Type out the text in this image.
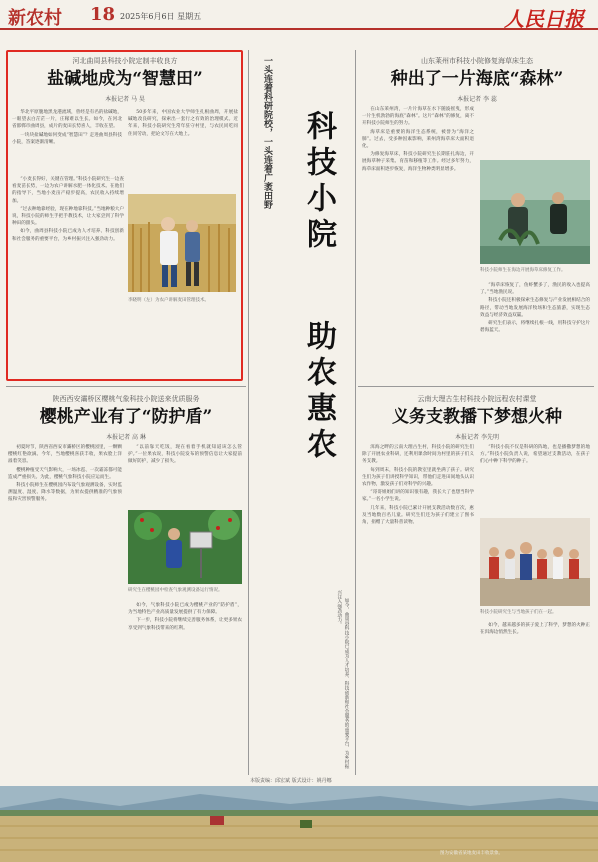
新农村 18 2025年6月6日 星期五	人民日报
河北曲周县科技小院定制丰收良方
盐碱地成为“智慧田”
本报记者 马 昊

华北平原腹地黑龙港流域，曾经是有名的盐碱地，一眼望去白茫茫一片，庄稼难以生长。如今，在河北省邯郸市曲周县，成片的麦田长势喜人，丰收在望。

一块块盐碱地如何变成“智慧田”？走进曲周县科技小院，答案逐渐清晰。

50多年来，中国农业大学师生扎根曲周，开展盐碱地改良研究，探索出一套行之有效的治理模式。近年来，科技小院研究生常年驻守村里，与农民同吃同住同劳动，把论文写在大地上。

“小麦长得好，关键在管理。”科技小院研究生一边查看麦苗长势，一边为农户讲解水肥一体化技术。在他们的指导下，当地小麦亩产稳步提高，农民收入持续增加。

“过去种地靠经验，现在种地靠科技。”当地种粮大户说，科技小院的师生手把手教技术，让大家尝到了科学种田的甜头。

如今，曲周县科技小院已成为人才培养、科技创新和社会服务的重要平台，为乡村振兴注入强劲动力。

李晓明（左）为农户讲解麦田管理技术。
一头连着科研院校，一头连着广袤田野 科技小院
助农惠农

如今，曲周县科技小院已成为人才培养、科技创新和社会服务的重要平台，为乡村振兴注入强劲动力。

山东莱州市科技小院修复海草床生态
种出了一片海底“森林”
本报记者 李 蕊

在山东莱州湾，一片片海草在水下随波摇曳，形成一片生机勃勃的海底“森林”。这片“森林”的修复，离不开科技小院师生的努力。

海草床是重要的海洋生态系统，被誉为“海洋之肺”。过去，受多种因素影响，莱州湾海草床大面积退化。

为修复海草床，科技小院研究生长期驻扎海边，开展海草种子采集、育苗和移植等工作。经过多年努力，海草床面积逐步恢复，海洋生物种类明显增多。

科技小院师生在海边开展海草床修复工作。

“海草床恢复了，鱼虾蟹多了，渔民的收入也提高了。”当地渔民说。

科技小院还积极探索生态修复与产业发展相结合的路径，带动当地发展海洋牧场和生态旅游，实现生态效益与经济效益双赢。

研究生们表示，将继续扎根一线，用科技守护这片碧海蓝天。

陕西西安灞桥区樱桃气象科技小院送来优质服务
樱桃产业有了“防护盾”
本报记者 高 琳

初夏时节，陕西省西安市灞桥区的樱桃园里，一颗颗樱桃红艳欲滴。今年，当地樱桃喜获丰收，果农脸上洋溢着笑容。

樱桃种植受天气影响大，一场冰雹、一次霜冻都可能造成严重损失。为此，樱桃气象科技小院应运而生。

科技小院师生在樱桃园内布设气象观测设备，实时监测温度、湿度、降水等数据，为果农提供精准的气象预报和灾害预警服务。

“以前靠天吃饭，现在看着手机就知道该怎么管护。”一位果农说，科技小院发布的预警信息让大家提前做好防护，减少了损失。

研究生在樱桃园中检查气象观测设备运行情况。

如今，气象科技小院已成为樱桃产业的“防护盾”，为当地特色产业高质量发展提供了有力保障。

下一步，科技小院将继续完善服务体系，让更多果农享受到气象科技带来的红利。

云南大理古生村科技小院远程农村课堂
义务支教播下梦想火种
本报记者 李先明

洱海之畔的云南大理古生村，科技小院的研究生们除了开展农业科研，还利用课余时间为村里的孩子们义务支教。

每到周末，科技小院的教室里就坐满了孩子。研究生们为孩子们讲授科学知识，带他们走进田间地头认识农作物，激发孩子们对科学的兴趣。

“哥哥姐姐们讲的知识很有趣，我长大了也想当科学家。”一名小学生说。

几年来，科技小院已累计开展支教活动数百次，惠及当地数百名儿童。研究生们还为孩子们建立了图书角，捐赠了大量科普读物。

“科技小院不仅是科研的阵地，也是播撒梦想的地方。”科技小院负责人说，希望通过支教活动，在孩子们心中种下科学的种子。

科技小院研究生与当地孩子们在一起。

如今，越来越多的孩子爱上了科学，梦想的火种正在洱海边悄然生长。

本版责编：邱宏斌 版式设计：姚丹娜
图为安徽省某地麦田丰收景象。
